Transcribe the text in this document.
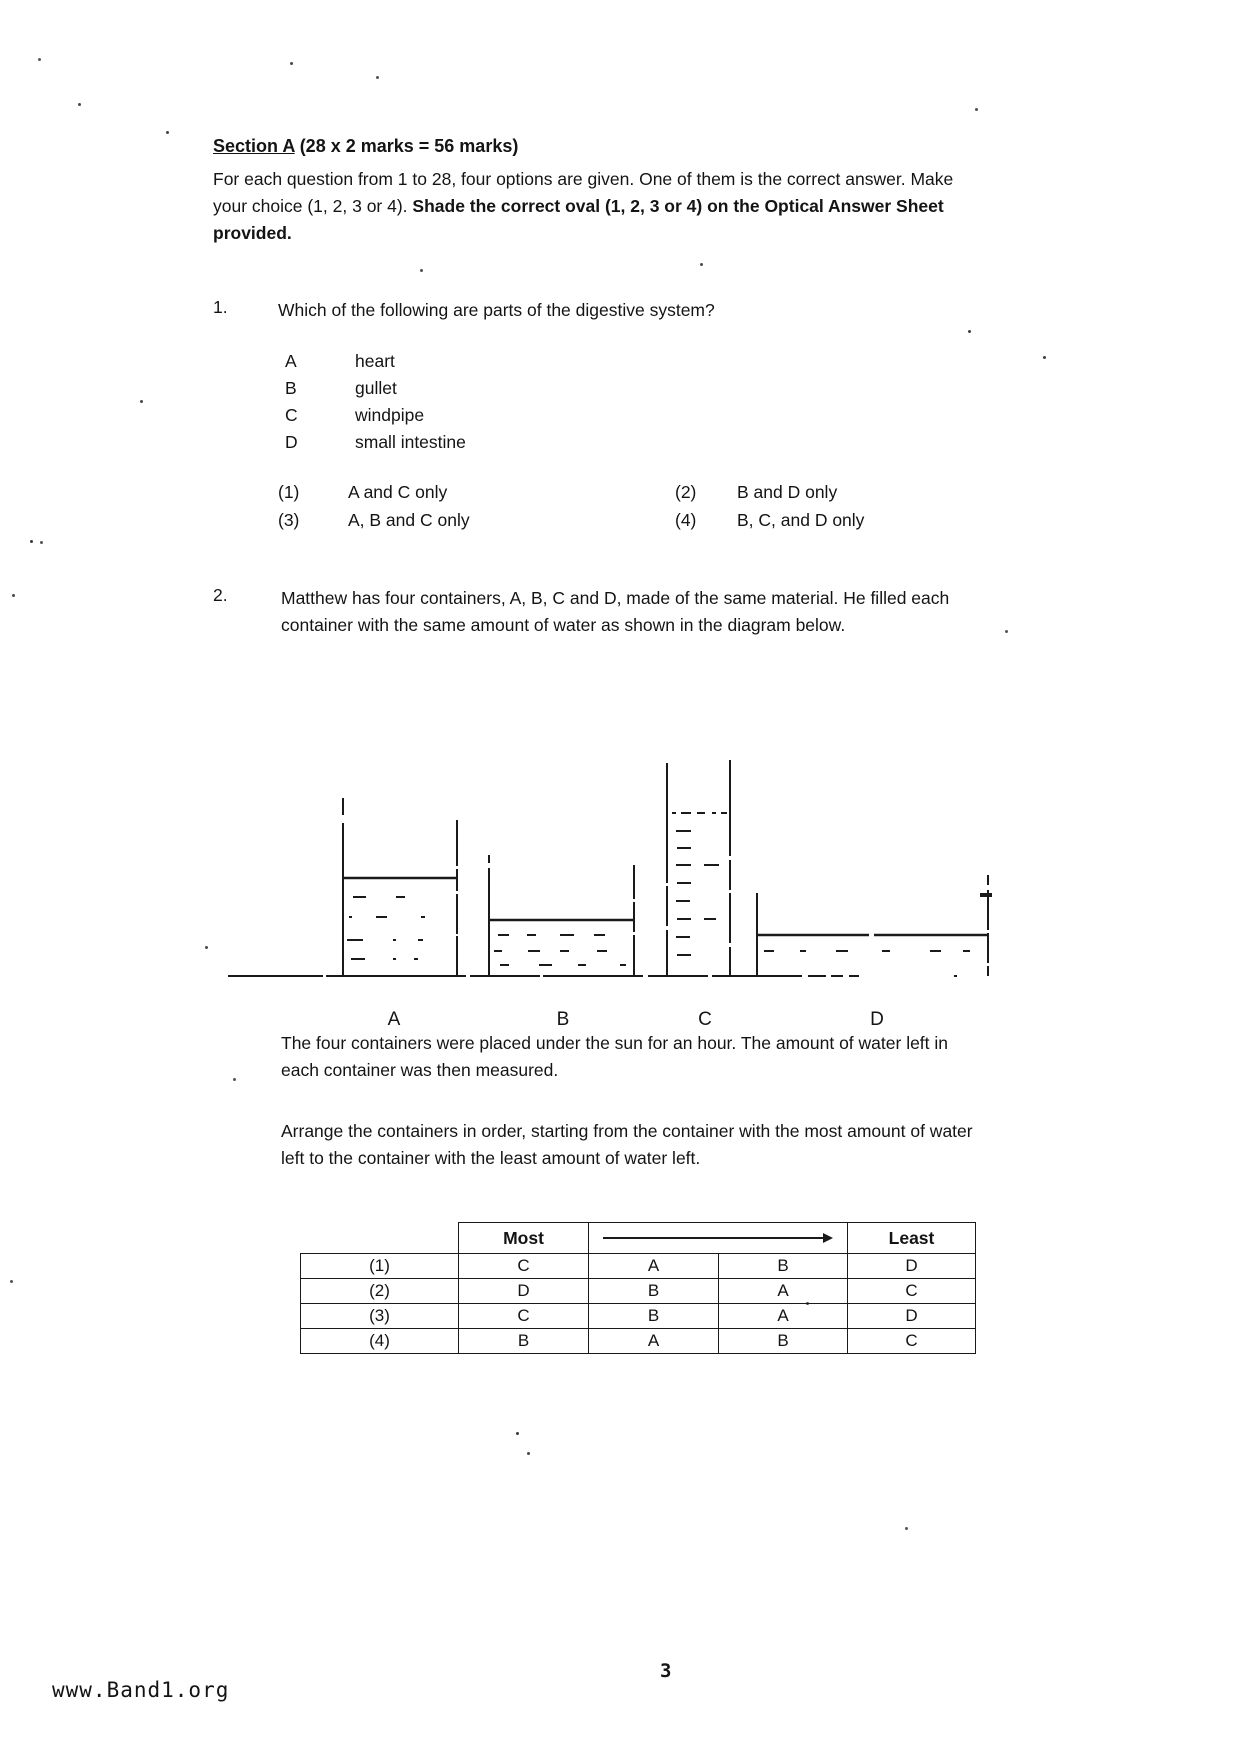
Section A (28 x 2 marks = 56 marks)

For each question from 1 to 28, four options are given. One of them is the correct answer. Make your choice (1, 2, 3 or 4). Shade the correct oval (1, 2, 3 or 4) on the Optical Answer Sheet provided.

1.	Which of the following are parts of the digestive system?
A	heart
B	gullet
C	windpipe
D	small intestine
(1)	A and C only	(2)	B and D only
(3)	A, B and C only	(4)	B, C, and D only
2.	Matthew has four containers, A, B, C and D, made of the same material. He filled each container with the same amount of water as shown in the diagram below.

A	B	C	D

The four containers were placed under the sun for an hour. The amount of water left in each container was then measured.

Arrange the containers in order, starting from the container with the most amount of water left to the container with the least amount of water left.

	Most			Least
(1)	C	A	B	D
(2)	D	B	A	C
(3)	C	B	A	D
(4)	B	A	B	C
www.Band1.org
3
